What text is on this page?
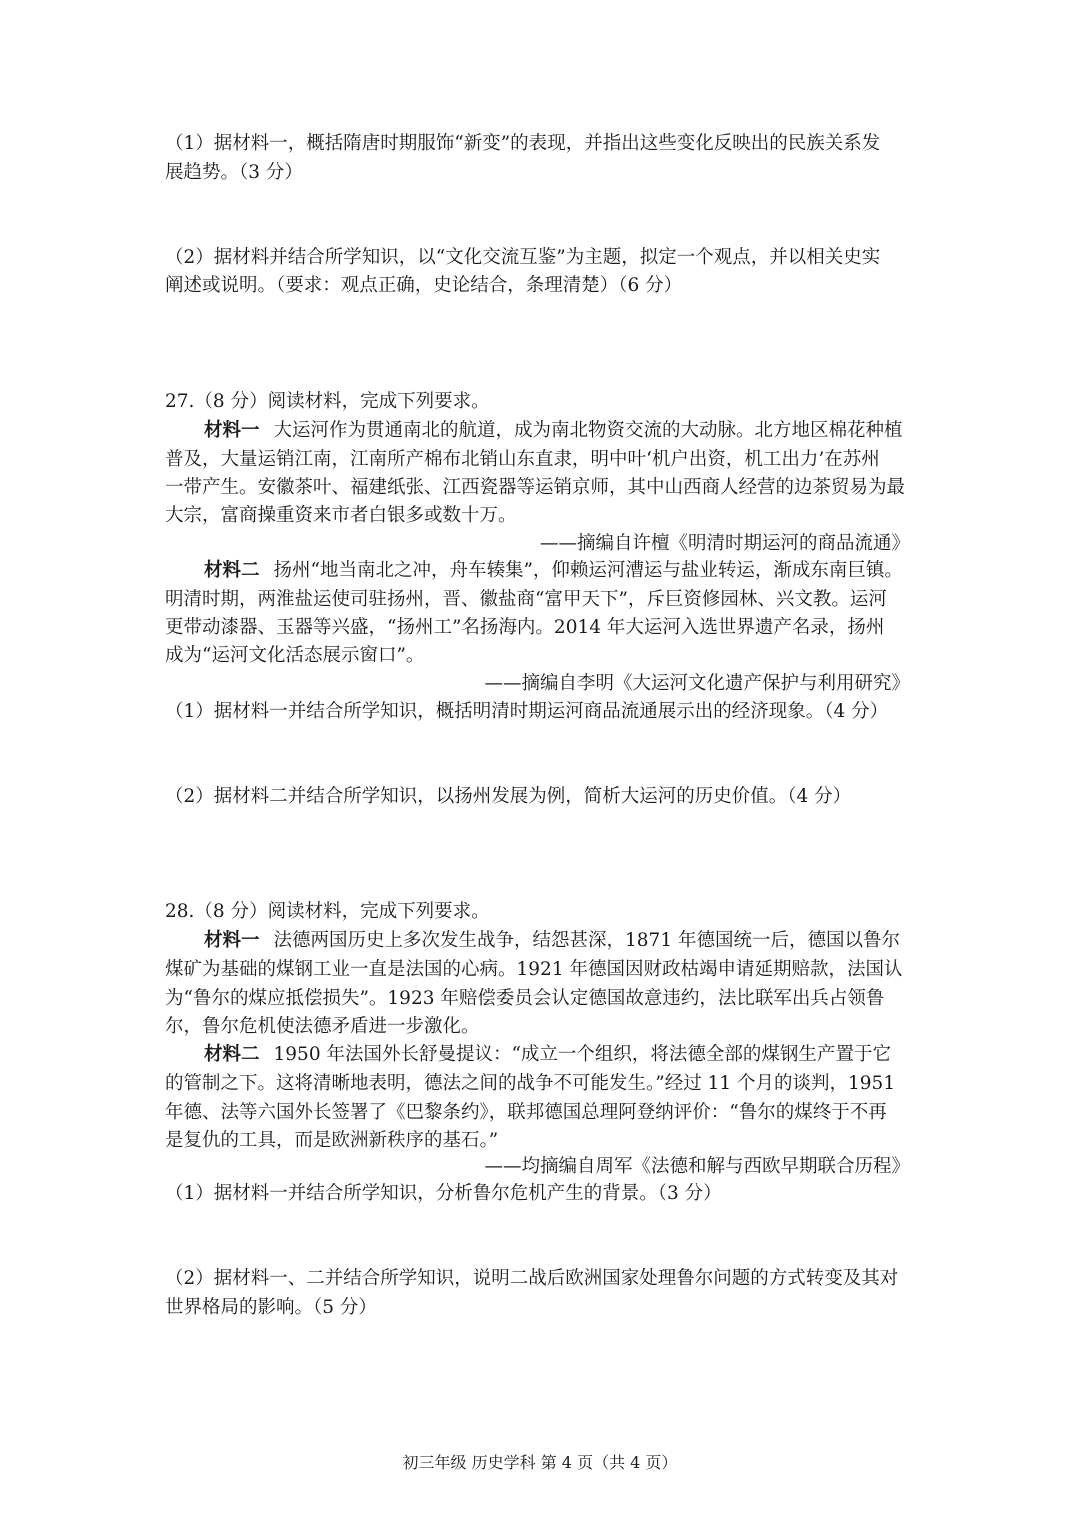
（1）据材料一，概括隋唐时期服饰“新变”的表现，并指出这些变化反映出的民族关系发
展趋势。（3 分）
（2）据材料并结合所学知识，以“文化交流互鉴”为主题，拟定一个观点，并以相关史实
阐述或说明。（要求：观点正确，史论结合，条理清楚）（6 分）
27.（8 分）阅读材料，完成下列要求。
材料一 大运河作为贯通南北的航道，成为南北物资交流的大动脉。北方地区棉花种植
普及，大量运销江南，江南所产棉布北销山东直隶，明中叶‘机户出资，机工出力’在苏州
一带产生。安徽茶叶、福建纸张、江西瓷器等运销京师，其中山西商人经营的边茶贸易为最
大宗，富商操重资来市者白银多或数十万。
——摘编自许檀《明清时期运河的商品流通》
材料二 扬州“地当南北之冲，舟车辏集”，仰赖运河漕运与盐业转运，渐成东南巨镇。
明清时期，两淮盐运使司驻扬州，晋、徽盐商“富甲天下”，斥巨资修园林、兴文教。运河
更带动漆器、玉器等兴盛，“扬州工”名扬海内。2014 年大运河入选世界遗产名录，扬州
成为“运河文化活态展示窗口”。
——摘编自李明《大运河文化遗产保护与利用研究》
（1）据材料一并结合所学知识，概括明清时期运河商品流通展示出的经济现象。（4 分）
（2）据材料二并结合所学知识，以扬州发展为例，简析大运河的历史价值。（4 分）
28.（8 分）阅读材料，完成下列要求。
材料一 法德两国历史上多次发生战争，结怨甚深，1871 年德国统一后，德国以鲁尔
煤矿为基础的煤钢工业一直是法国的心病。1921 年德国因财政枯竭申请延期赔款，法国认
为“鲁尔的煤应抵偿损失”。1923 年赔偿委员会认定德国故意违约，法比联军出兵占领鲁
尔，鲁尔危机使法德矛盾进一步激化。
材料二 1950 年法国外长舒曼提议：“成立一个组织，将法德全部的煤钢生产置于它
的管制之下。这将清晰地表明，德法之间的战争不可能发生。”经过 11 个月的谈判，1951
年德、法等六国外长签署了《巴黎条约》，联邦德国总理阿登纳评价：“鲁尔的煤终于不再
是复仇的工具，而是欧洲新秩序的基石。”
——均摘编自周军《法德和解与西欧早期联合历程》
（1）据材料一并结合所学知识，分析鲁尔危机产生的背景。（3 分）
（2）据材料一、二并结合所学知识，说明二战后欧洲国家处理鲁尔问题的方式转变及其对
世界格局的影响。（5 分）
初三年级 历史学科 第 4 页（共 4 页）
